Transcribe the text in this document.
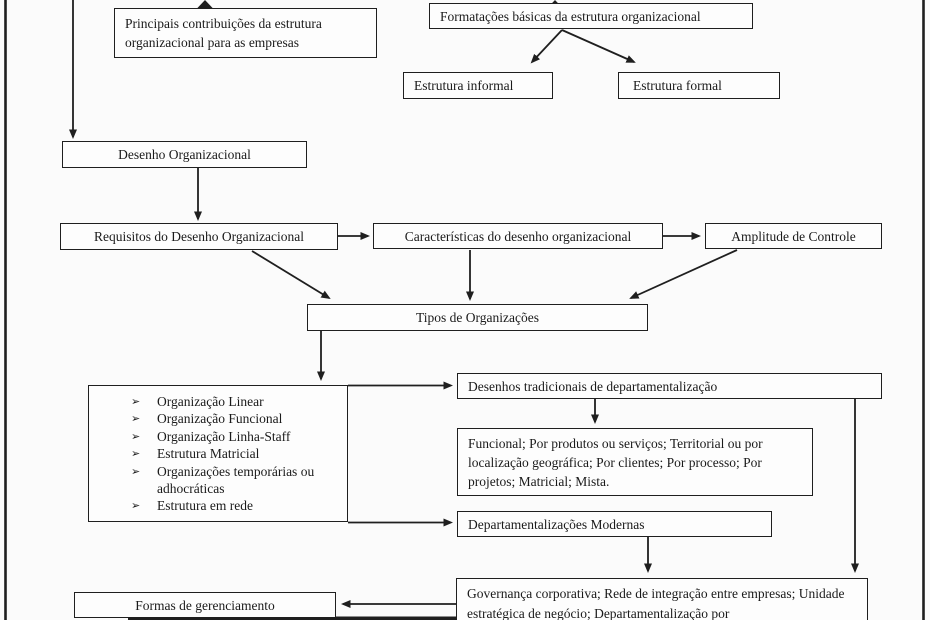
Principais contribuições da estrutura organizacional para as empresas
Formatações básicas da estrutura organizacional
Estrutura informal	Estrutura formal
Desenho Organizacional
Requisitos do Desenho Organizacional	Características do desenho organizacional	Amplitude de Controle
Tipos de Organizações
➢	Organização Linear
➢	Organização Funcional
➢	Organização Linha-Staff
➢	Estrutura Matricial
➢	Organizações temporárias ou adhocráticas
➢	Estrutura em rede
Desenhos tradicionais de departamentalização
Funcional; Por produtos ou serviços; Territorial ou por localização geográfica; Por clientes; Por processo; Por projetos; Matricial; Mista.
Departamentalizações Modernas
Governança corporativa; Rede de integração entre empresas; Unidade estratégica de negócio; Departamentalização por
Formas de gerenciamento
